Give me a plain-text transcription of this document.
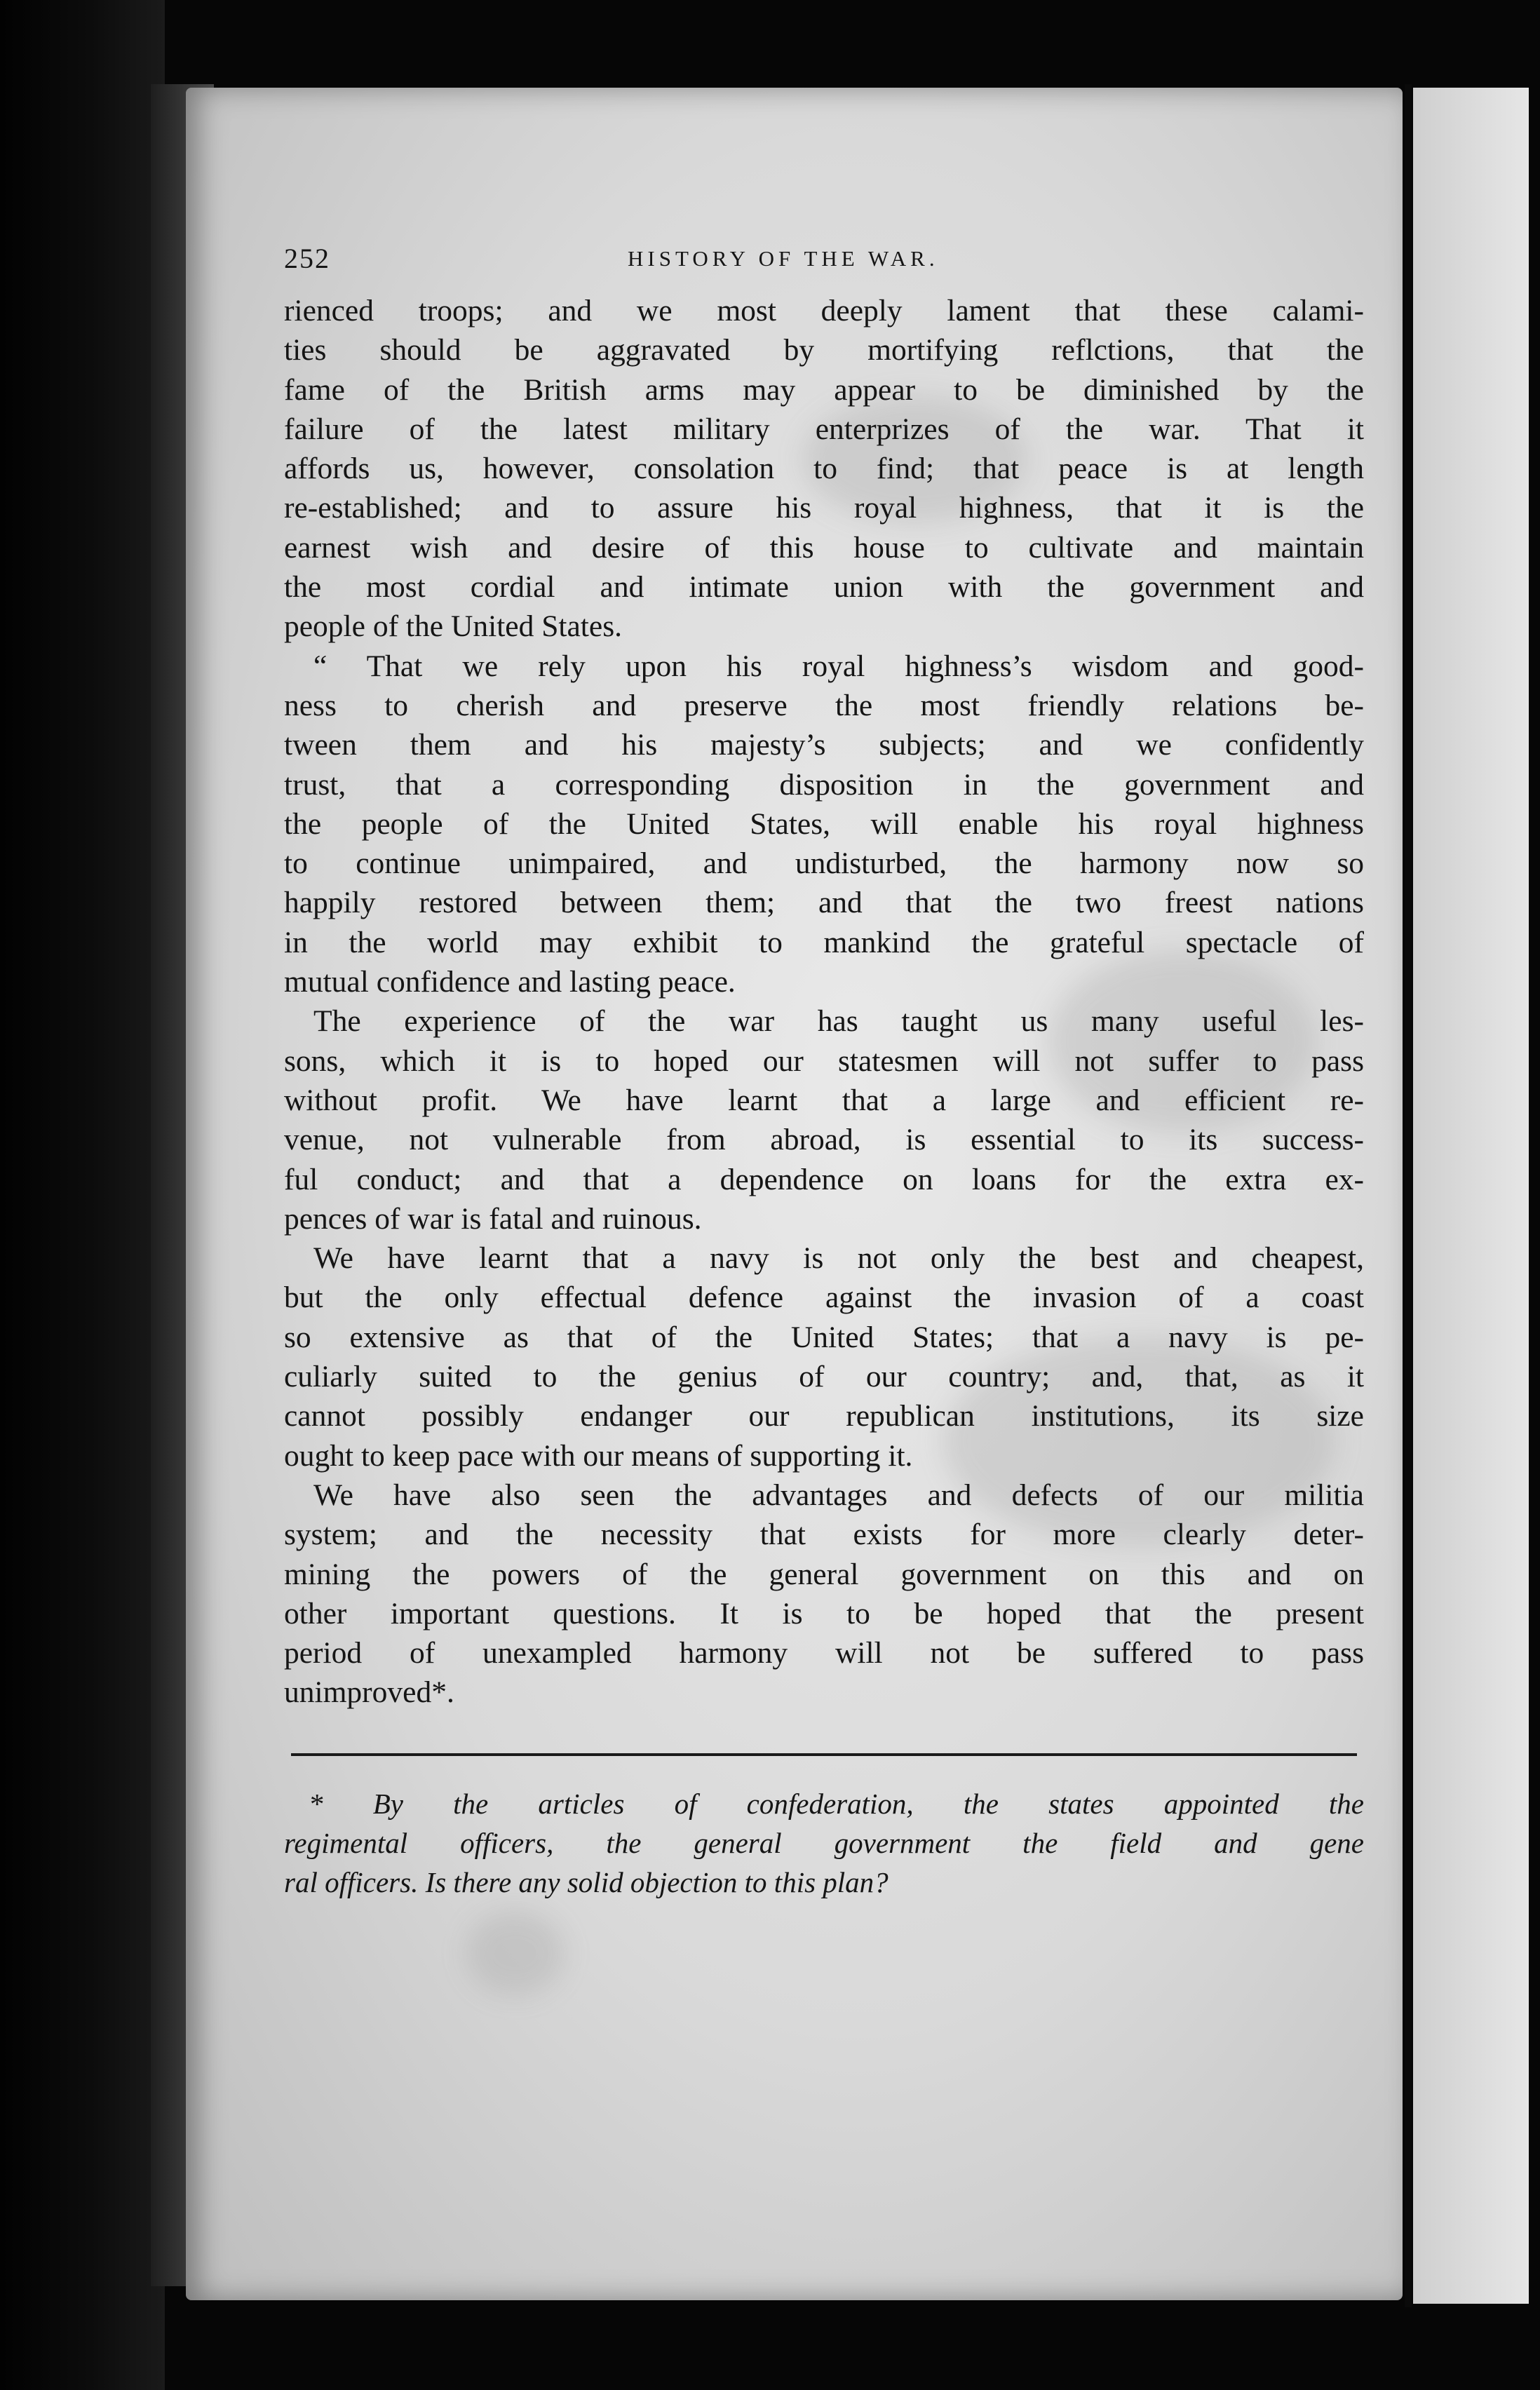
252	HISTORY OF THE WAR.
rienced troops; and we most deeply lament that these calami-
ties should be aggravated by mortifying reflctions, that the
fame of the British arms may appear to be diminished by the
failure of the latest military enterprizes of the war. That it
affords us, however, consolation to find; that peace is at length
re-established; and to assure his royal highness, that it is the
earnest wish and desire of this house to cultivate and maintain
the most cordial and intimate union with the government and
people of the United States.
“ That we rely upon his royal highness’s wisdom and good-
ness to cherish and preserve the most friendly relations be-
tween them and his majesty’s subjects; and we confidently
trust, that a corresponding disposition in the government and
the people of the United States, will enable his royal highness
to continue unimpaired, and undisturbed, the harmony now so
happily restored between them; and that the two freest nations
in the world may exhibit to mankind the grateful spectacle of
mutual confidence and lasting peace.
The experience of the war has taught us many useful les-
sons, which it is to hoped our statesmen will not suffer to pass
without profit. We have learnt that a large and efficient re-
venue, not vulnerable from abroad, is essential to its success-
ful conduct; and that a dependence on loans for the extra ex-
pences of war is fatal and ruinous.
We have learnt that a navy is not only the best and cheapest,
but the only effectual defence against the invasion of a coast
so extensive as that of the United States; that a navy is pe-
culiarly suited to the genius of our country; and, that, as it
cannot possibly endanger our republican institutions, its size
ought to keep pace with our means of supporting it.
We have also seen the advantages and defects of our militia
system; and the necessity that exists for more clearly deter-
mining the powers of the general government on this and on
other important questions. It is to be hoped that the present
period of unexampled harmony will not be suffered to pass
unimproved*.
* By the articles of confederation, the states appointed the
regimental officers, the general government the field and gene
ral officers. Is there any solid objection to this plan?
